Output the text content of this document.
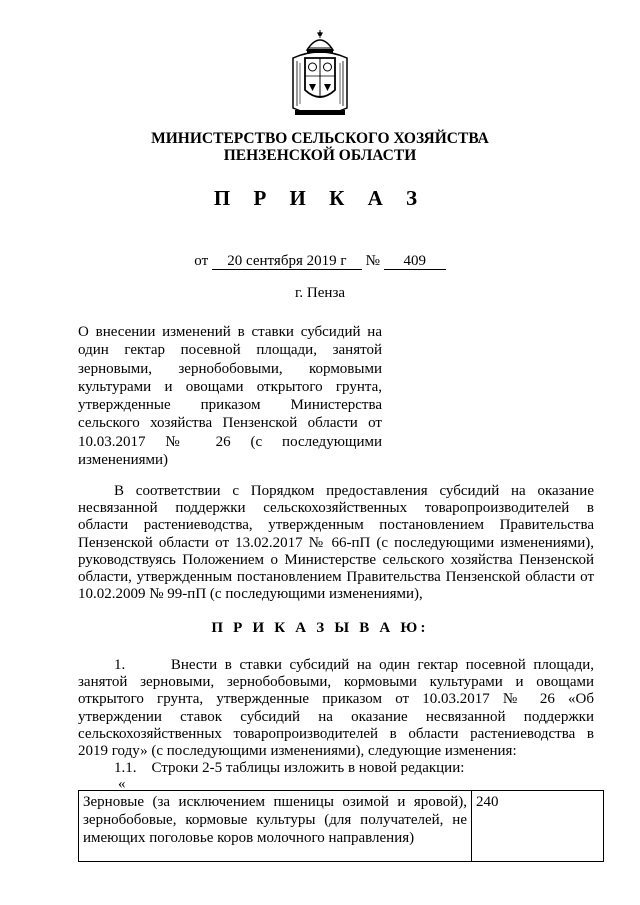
МИНИСТЕРСТВО СЕЛЬСКОГО ХОЗЯЙСТВА
ПЕНЗЕНСКОЙ ОБЛАСТИ
П Р И К А З
от 20 сентября 2019 г № 409
г. Пенза
О внесении изменений в ставки субсидий на
один гектар посевной площади, занятой
зерновыми, зернобобовыми, кормовыми
культурами и овощами открытого грунта,
утвержденные приказом Министерства
сельского хозяйства Пензенской области от
10.03.2017 № 26 (с последующими
изменениями)
В соответствии с Порядком предоставления субсидий на оказание
несвязанной поддержки сельскохозяйственных товаропроизводителей в
области растениеводства, утвержденным постановлением Правительства
Пензенской области от 13.02.2017 № 66-пП (с последующими изменениями),
руководствуясь Положением о Министерстве сельского хозяйства Пензенской
области, утвержденным постановлением Правительства Пензенской области от
10.02.2009 № 99-пП (с последующими изменениями),
П Р И К А З Ы В А Ю:
1.      Внести в ставки субсидий на один гектар посевной площади,
занятой зерновыми, зернобобовыми, кормовыми культурами и овощами
открытого грунта, утвержденные приказом от 10.03.2017 № 26 «Об
утверждении ставок субсидий на оказание несвязанной поддержки
сельскохозяйственных товаропроизводителей в области растениеводства в
2019 году» (с последующими изменениями), следующие изменения:
1.1.    Строки 2-5 таблицы изложить в новой редакции:
«
Зерновые (за исключением пшеницы озимой и яровой),
зернобобовые, кормовые культуры (для получателей, не
имеющих поголовье коров молочного направления)
	240
